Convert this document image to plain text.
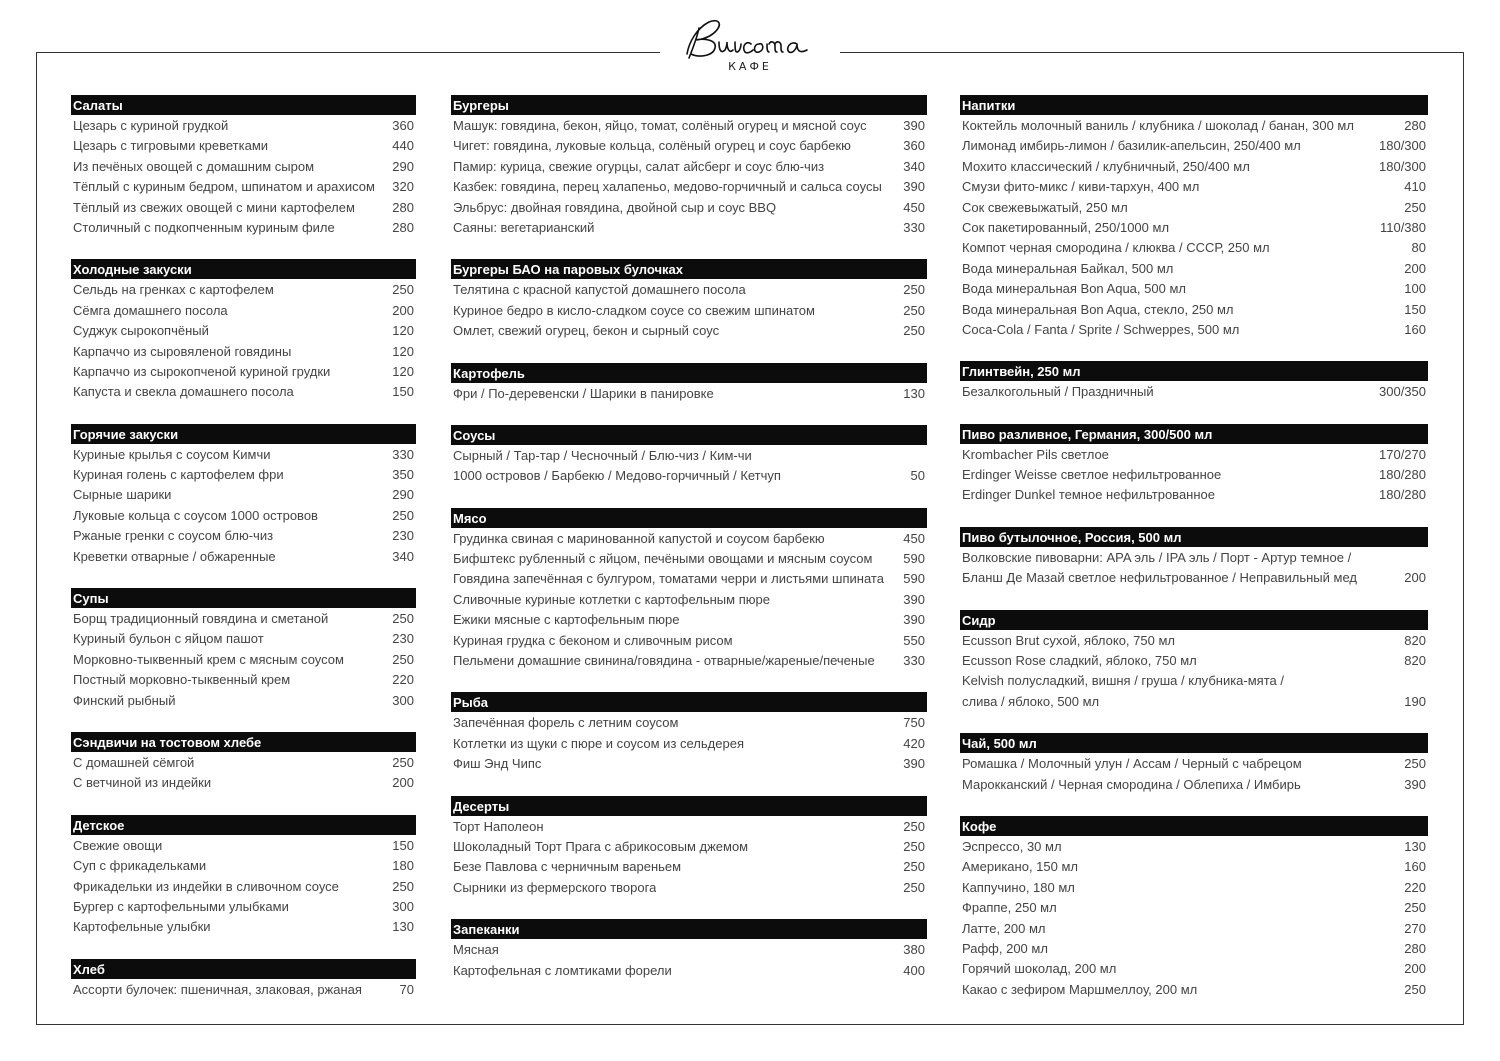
КАФЕ
Салаты
Цезарь с куриной грудкой	360
Цезарь с тигровыми креветками	440
Из печёных овощей с домашним сыром	290
Тёплый с куриным бедром, шпинатом и арахисом	320
Тёплый из свежих овощей с мини картофелем	280
Столичный с подкопченным куриным филе	280
Холодные закуски
Сельдь на гренках с картофелем	250
Сёмга домашнего посола	200
Суджук сырокопчёный	120
Карпаччо из сыровяленой говядины	120
Карпаччо из сырокопченой куриной грудки	120
Капуста и свекла домашнего посола	150
Горячие закуски
Куриные крылья с соусом Кимчи	330
Куриная голень с картофелем фри	350
Сырные шарики	290
Луковые кольца с соусом 1000 островов	250
Ржаные гренки с соусом блю-чиз	230
Креветки отварные / обжаренные	340
Супы
Борщ традиционный говядина и сметаной	250
Куриный бульон с яйцом пашот	230
Морковно-тыквенный крем с мясным соусом	250
Постный морковно-тыквенный крем	220
Финский рыбный	300
Сэндвичи на тостовом хлебе
С домашней сёмгой	250
С ветчиной из индейки	200
Детское
Свежие овощи	150
Суп с фрикадельками	180
Фрикадельки из индейки в сливочном соусе	250
Бургер с картофельными улыбками	300
Картофельные улыбки	130
Хлеб
Ассорти булочек: пшеничная, злаковая, ржаная	70
Бургеры
Машук: говядина, бекон, яйцо, томат, солёный огурец и мясной соус	390
Чигет: говядина, луковые кольца, солёный огурец и соус барбекю	360
Памир: курица, свежие огурцы, салат айсберг и соус блю-чиз	340
Казбек: говядина, перец халапеньо, медово-горчичный и сальса соусы	390
Эльбрус: двойная говядина, двойной сыр и соус BBQ	450
Саяны: вегетарианский	330
Бургеры БАО на паровых булочках
Телятина с красной капустой домашнего посола	250
Куриное бедро в кисло-сладком соусе со свежим шпинатом	250
Омлет, свежий огурец, бекон и сырный соус	250
Картофель
Фри / По-деревенски / Шарики в панировке	130
Соусы
Сырный / Тар-тар / Чесночный / Блю-чиз / Ким-чи
1000 островов / Барбекю / Медово-горчичный / Кетчуп	50
Мясо
Грудинка свиная с маринованной капустой и соусом барбекю	450
Бифштекс рубленный с яйцом, печёными овощами и мясным соусом	590
Говядина запечённая с булгуром, томатами черри и листьями шпината	590
Сливочные куриные котлетки с картофельным пюре	390
Ежики мясные с картофельным пюре	390
Куриная грудка с беконом и сливочным рисом	550
Пельмени домашние свинина/говядина - отварные/жареные/печеные	330
Рыба
Запечённая форель с летним соусом	750
Котлетки из щуки с пюре и соусом из сельдерея	420
Фиш Энд Чипс	390
Десерты
Торт Наполеон	250
Шоколадный Торт Прага с абрикосовым джемом	250
Безе Павлова с черничным вареньем	250
Сырники из фермерского творога	250
Запеканки
Мясная	380
Картофельная с ломтиками форели	400
Напитки
Коктейль молочный ваниль / клубника / шоколад / банан, 300 мл	280
Лимонад имбирь-лимон / базилик-апельсин, 250/400 мл	180/300
Мохито классический / клубничный, 250/400 мл	180/300
Смузи фито-микс / киви-тархун, 400 мл	410
Сок свежевыжатый, 250 мл	250
Сок пакетированный, 250/1000 мл	110/380
Компот черная смородина / клюква / СССР, 250 мл	80
Вода минеральная Байкал, 500 мл	200
Вода минеральная Bon Aqua, 500 мл	100
Вода минеральная Bon Aqua, стекло, 250 мл	150
Coca-Cola / Fanta / Sprite / Schweppes, 500 мл	160
Глинтвейн, 250 мл
Безалкогольный / Праздничный	300/350
Пиво разливное, Германия, 300/500 мл
Krombacher Pils светлое	170/270
Erdinger Weisse светлое нефильтрованное	180/280
Erdinger Dunkel темное нефильтрованное	180/280
Пиво бутылочное, Россия, 500 мл
Волковские пивоварни: APA эль / IPA эль / Порт - Артур темное /
Бланш Де Мазай светлое нефильтрованное / Неправильный мед	200
Сидр
Ecusson Brut сухой, яблоко, 750 мл	820
Ecusson Rose сладкий, яблоко, 750 мл	820
Kelvish полусладкий, вишня / груша / клубника-мята /
слива / яблоко, 500 мл	190
Чай, 500 мл
Ромашка / Молочный улун / Ассам / Черный с чабрецом	250
Марокканский / Черная смородина / Облепиха / Имбирь	390
Кофе
Эспрессо, 30 мл	130
Американо, 150 мл	160
Каппучино, 180 мл	220
Фраппе, 250 мл	250
Латте, 200 мл	270
Рафф, 200 мл	280
Горячий шоколад, 200 мл	200
Какао с зефиром Маршмеллоу, 200 мл	250
